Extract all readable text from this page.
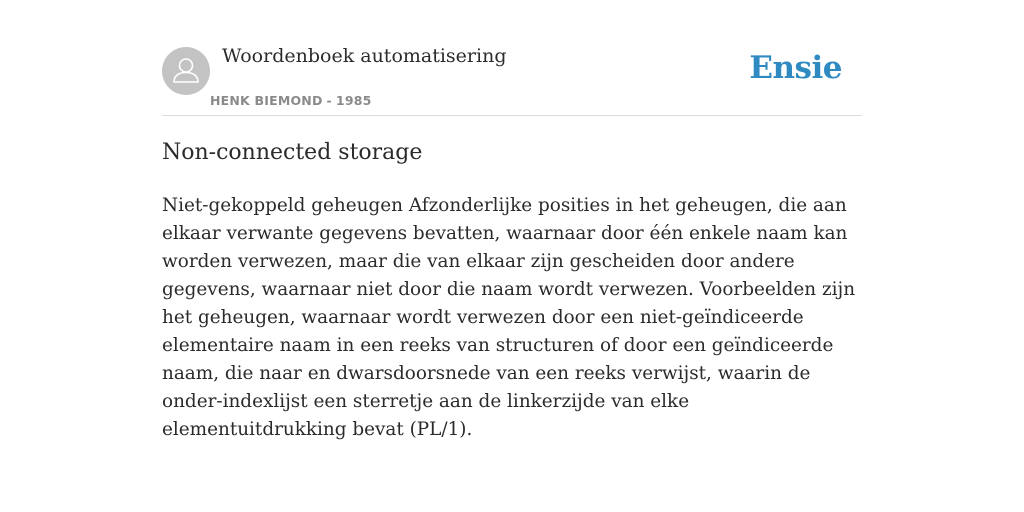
Woordenboek automatisering
HENK BIEMOND - 1985
Ensie
Non-connected storage

Niet-gekoppeld geheugen Afzonderlijke posities in het geheugen, die aan elkaar verwante gegevens bevatten, waarnaar door één enkele naam kan worden verwezen, maar die van elkaar zijn gescheiden door andere gegevens, waarnaar niet door die naam wordt verwezen. Voorbeelden zijn het geheugen, waarnaar wordt verwezen door een niet-geïndiceerde elementaire naam in een reeks van structuren of door een geïndiceerde naam, die naar en dwarsdoorsnede van een reeks verwijst, waarin de onder-indexlijst een sterretje aan de linkerzijde van elke elementuitdrukking bevat (PL/1).
